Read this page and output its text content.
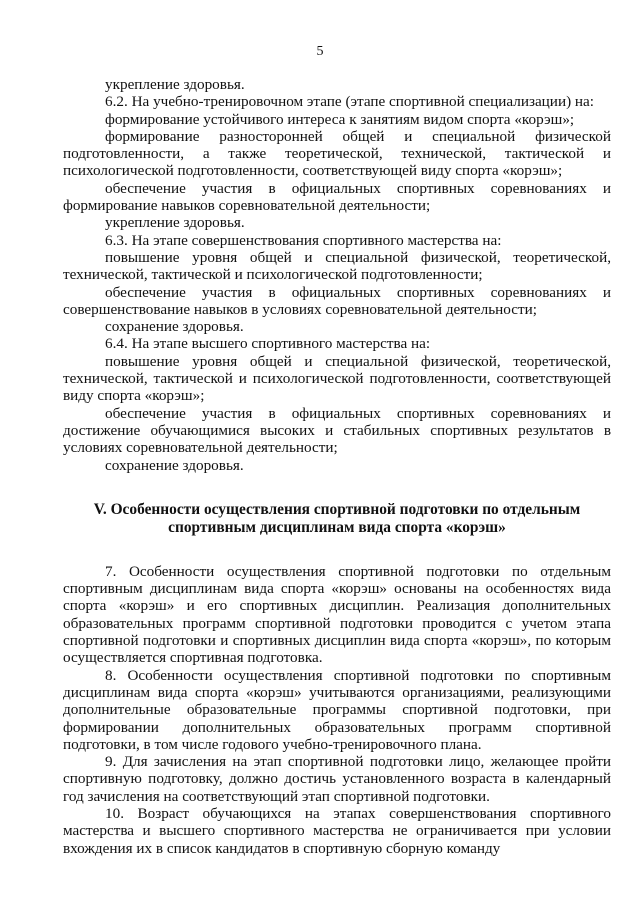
5

укрепление здоровья.

6.2. На учебно-тренировочном этапе (этапе спортивной специализации) на:

формирование устойчивого интереса к занятиям видом спорта «корэш»;

формирование разносторонней общей и специальной физической подготовленности, а также теоретической, технической, тактической и психологической подготовленности, соответствующей виду спорта «корэш»;

обеспечение участия в официальных спортивных соревнованиях и формирование навыков соревновательной деятельности;

укрепление здоровья.

6.3. На этапе совершенствования спортивного мастерства на:

повышение уровня общей и специальной физической, теоретической, технической, тактической и психологической подготовленности;

обеспечение участия в официальных спортивных соревнованиях и совершенствование навыков в условиях соревновательной деятельности;

сохранение здоровья.

6.4. На этапе высшего спортивного мастерства на:

повышение уровня общей и специальной физической, теоретической, технической, тактической и психологической подготовленности, соответствующей виду спорта «корэш»;

обеспечение участия в официальных спортивных соревнованиях и достижение обучающимися высоких и стабильных спортивных результатов в условиях соревновательной деятельности;

сохранение здоровья.

V. Особенности осуществления спортивной подготовки по отдельным спортивным дисциплинам вида спорта «корэш»

7. Особенности осуществления спортивной подготовки по отдельным спортивным дисциплинам вида спорта «корэш» основаны на особенностях вида спорта «корэш» и его спортивных дисциплин. Реализация дополнительных образовательных программ спортивной подготовки проводится с учетом этапа спортивной подготовки и спортивных дисциплин вида спорта «корэш», по которым осуществляется спортивная подготовка.

8. Особенности осуществления спортивной подготовки по спортивным дисциплинам вида спорта «корэш» учитываются организациями, реализующими дополнительные образовательные программы спортивной подготовки, при формировании дополнительных образовательных программ спортивной подготовки, в том числе годового учебно-тренировочного плана.

9. Для зачисления на этап спортивной подготовки лицо, желающее пройти спортивную подготовку, должно достичь установленного возраста в календарный год зачисления на соответствующий этап спортивной подготовки.

10. Возраст обучающихся на этапах совершенствования спортивного мастерства и высшего спортивного мастерства не ограничивается при условии вхождения их в список кандидатов в спортивную сборную команду
